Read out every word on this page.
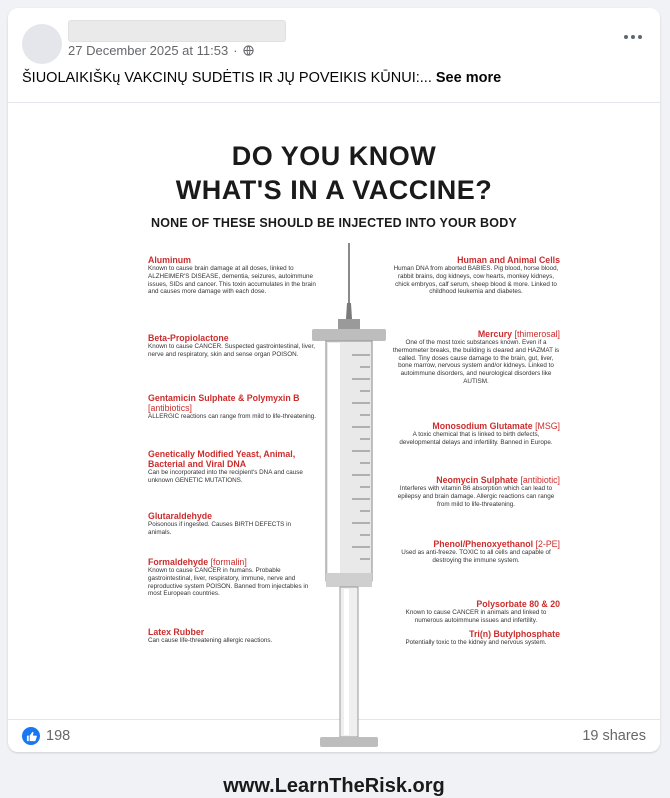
27 December 2025 at 11:53 ·
ŠIUOLAIKIŠKų VAKCINŲ SUDĖTIS IR JŲ POVEIKIS KŪNUI:... See more
DO YOU KNOW
WHAT'S IN A VACCINE?
NONE OF THESE SHOULD BE INJECTED INTO YOUR BODY
Aluminum
Known to cause brain damage at all doses, linked to ALZHEIMER'S DISEASE, dementia, seizures, autoimmune issues, SIDs and cancer. This toxin accumulates in the brain and causes more damage with each dose.
Beta-Propiolactone
Known to cause CANCER. Suspected gastrointestinal, liver, nerve and respiratory, skin and sense organ POISON.
Gentamicin Sulphate & Polymyxin B [antibiotics]
ALLERGIC reactions can range from mild to life-threatening.
Genetically Modified Yeast, Animal, Bacterial and Viral DNA
Can be incorporated into the recipient's DNA and cause unknown GENETIC MUTATIONS.
Glutaraldehyde
Poisonous if ingested. Causes BIRTH DEFECTS in animals.
Formaldehyde [formalin]
Known to cause CANCER in humans. Probable gastrointestinal, liver, respiratory, immune, nerve and reproductive system POISON. Banned from injectables in most European countries.
Latex Rubber
Can cause life-threatening allergic reactions.
Human and Animal Cells
Human DNA from aborted BABIES. Pig blood, horse blood, rabbit brains, dog kidneys, cow hearts, monkey kidneys, chick embryos, calf serum, sheep blood & more. Linked to childhood leukemia and diabetes.
Mercury [thimerosal]
One of the most toxic substances known. Even if a thermometer breaks, the building is cleared and HAZMAT is called. Tiny doses cause damage to the brain, gut, liver, bone marrow, nervous system and/or kidneys. Linked to autoimmune disorders, and neurological disorders like AUTISM.
Monosodium Glutamate [MSG]
A toxic chemical that is linked to birth defects, developmental delays and infertility. Banned in Europe.
Neomycin Sulphate [antibiotic]
Interferes with vitamin B6 absorption which can lead to epilepsy and brain damage. Allergic reactions can range from mild to life-threatening.
Phenol/Phenoxyethanol [2-PE]
Used as anti-freeze. TOXIC to all cells and capable of destroying the immune system.
Polysorbate 80 & 20
Known to cause CANCER in animals and linked to numerous autoimmune issues and infertility.
Tri(n) Butylphosphate
Potentially toxic to the kidney and nervous system.
www.LearnTheRisk.org
198	19 shares
